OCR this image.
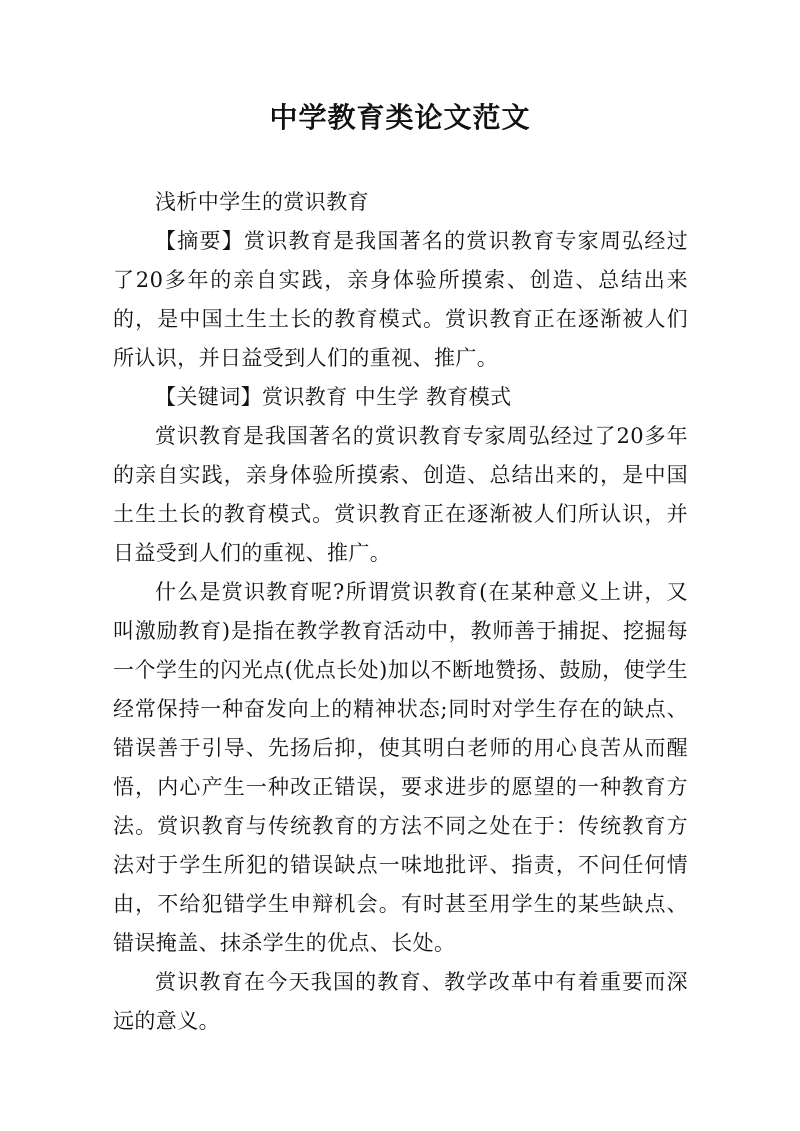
中学教育类论文范文

浅析中学生的赏识教育

【摘要】赏识教育是我国著名的赏识教育专家周弘经过了20多年的亲自实践，亲身体验所摸索、创造、总结出来的，是中国土生土长的教育模式。赏识教育正在逐渐被人们所认识，并日益受到人们的重视、推广。

【关键词】赏识教育 中生学 教育模式

赏识教育是我国著名的赏识教育专家周弘经过了20多年的亲自实践，亲身体验所摸索、创造、总结出来的，是中国土生土长的教育模式。赏识教育正在逐渐被人们所认识，并日益受到人们的重视、推广。

什么是赏识教育呢?所谓赏识教育(在某种意义上讲，又叫激励教育)是指在教学教育活动中，教师善于捕捉、挖掘每一个学生的闪光点(优点长处)加以不断地赞扬、鼓励，使学生经常保持一种奋发向上的精神状态;同时对学生存在的缺点、错误善于引导、先扬后抑，使其明白老师的用心良苦从而醒悟，内心产生一种改正错误，要求进步的愿望的一种教育方法。赏识教育与传统教育的方法不同之处在于：传统教育方法对于学生所犯的错误缺点一味地批评、指责，不问任何情由，不给犯错学生申辩机会。有时甚至用学生的某些缺点、错误掩盖、抹杀学生的优点、长处。

赏识教育在今天我国的教育、教学改革中有着重要而深远的意义。
